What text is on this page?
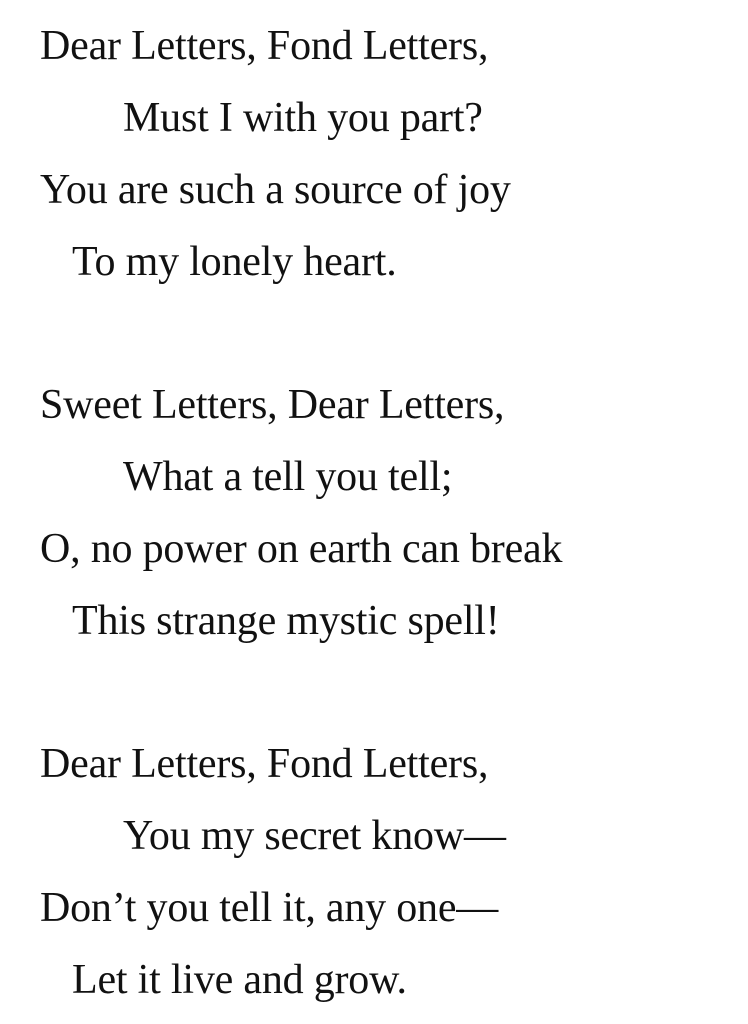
Dear Letters, Fond Letters,
Must I with you part?
You are such a source of joy
To my lonely heart.
Sweet Letters, Dear Letters,
What a tell you tell;
O, no power on earth can break
This strange mystic spell!
Dear Letters, Fond Letters,
You my secret know—
Don’t you tell it, any one—
Let it live and grow.
